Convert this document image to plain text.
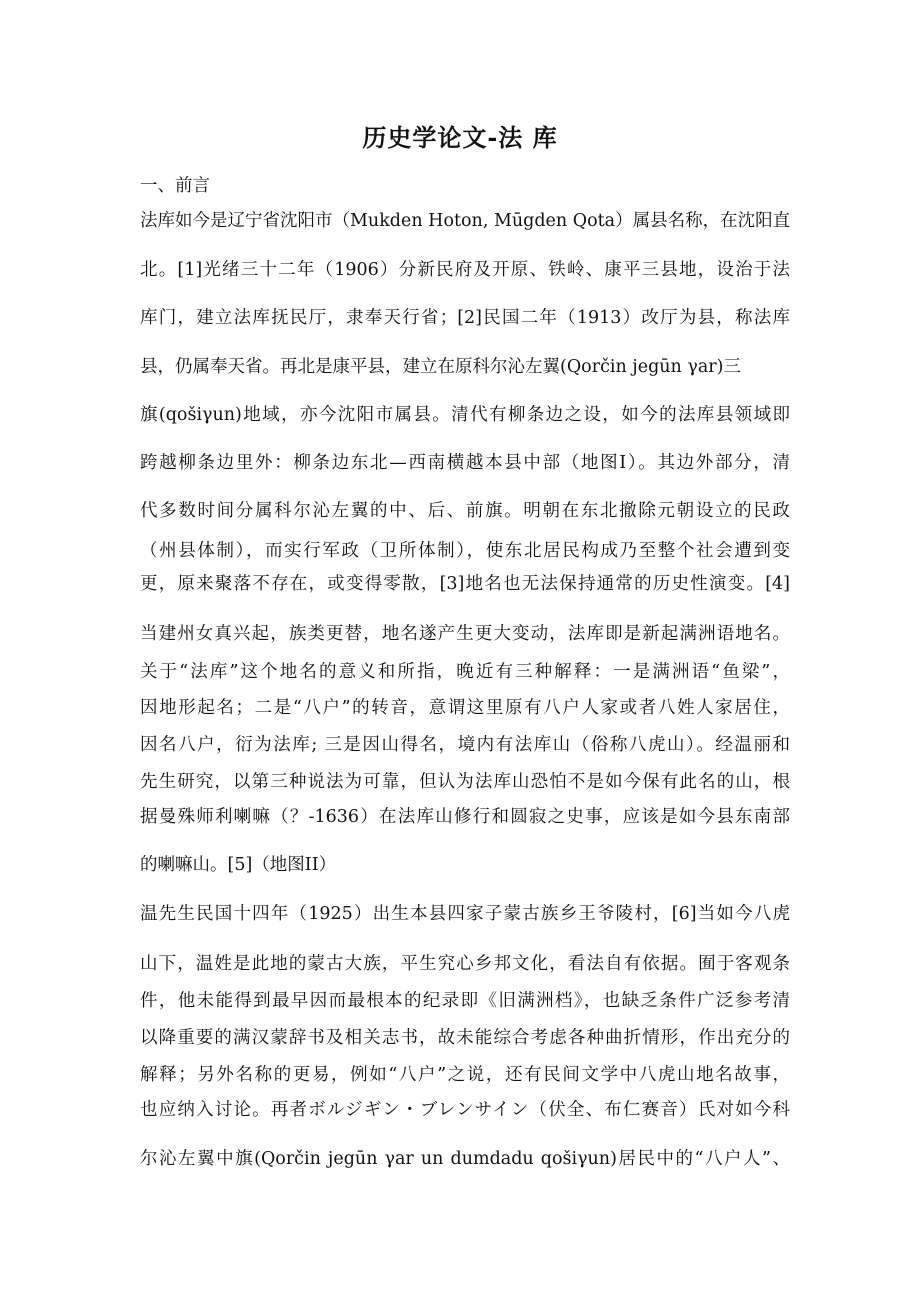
历史学论文-法 库
一、前言
法库如今是辽宁省沈阳市（Mukden Hoton, Mūgden Qota）属县名称，在沈阳直
北。[1]光绪三十二年（1906）分新民府及开原、铁岭、康平三县地，设治于法
库门，建立法库抚民厅，隶奉天行省；[2]民国二年（1913）改厅为县，称法库
县，仍属奉天省。再北是康平县，建立在原科尔沁左翼(Qorčin jegūn γar)三
旗(qošiγun)地域，亦今沈阳市属县。清代有柳条边之设，如今的法库县领域即
跨越柳条边里外：柳条边东北—西南横越本县中部（地图Ⅰ）。其边外部分，清
代多数时间分属科尔沁左翼的中、后、前旗。明朝在东北撤除元朝设立的民政
（州县体制），而实行军政（卫所体制），使东北居民构成乃至整个社会遭到变
更，原来聚落不存在，或变得零散，[3]地名也无法保持通常的历史性演变。[4]
当建州女真兴起，族类更替，地名遂产生更大变动，法库即是新起满洲语地名。
关于“法库”这个地名的意义和所指，晚近有三种解释：一是满洲语“鱼梁”，
因地形起名；二是“八户”的转音，意谓这里原有八户人家或者八姓人家居住，
因名八户，衍为法库; 三是因山得名，境内有法库山（俗称八虎山）。经温丽和
先生研究，以第三种说法为可靠，但认为法库山恐怕不是如今保有此名的山，根
据曼殊师利喇嘛（？-1636）在法库山修行和圆寂之史事，应该是如今县东南部
的喇嘛山。[5]（地图II）
温先生民国十四年（1925）出生本县四家子蒙古族乡王爷陵村，[6]当如今八虎
山下，温姓是此地的蒙古大族，平生究心乡邦文化，看法自有依据。囿于客观条
件，他未能得到最早因而最根本的纪录即《旧满洲档》，也缺乏条件广泛参考清
以降重要的满汉蒙辞书及相关志书，故未能综合考虑各种曲折情形，作出充分的
解释；另外名称的更易，例如“八户”之说，还有民间文学中八虎山地名故事，
也应纳入讨论。再者ボルジギン・ブレンサイン（伏全、布仁赛音）氏对如今科
尔沁左翼中旗(Qorčin jegūn γar un dumdadu qošiγun)居民中的“八户人”、
